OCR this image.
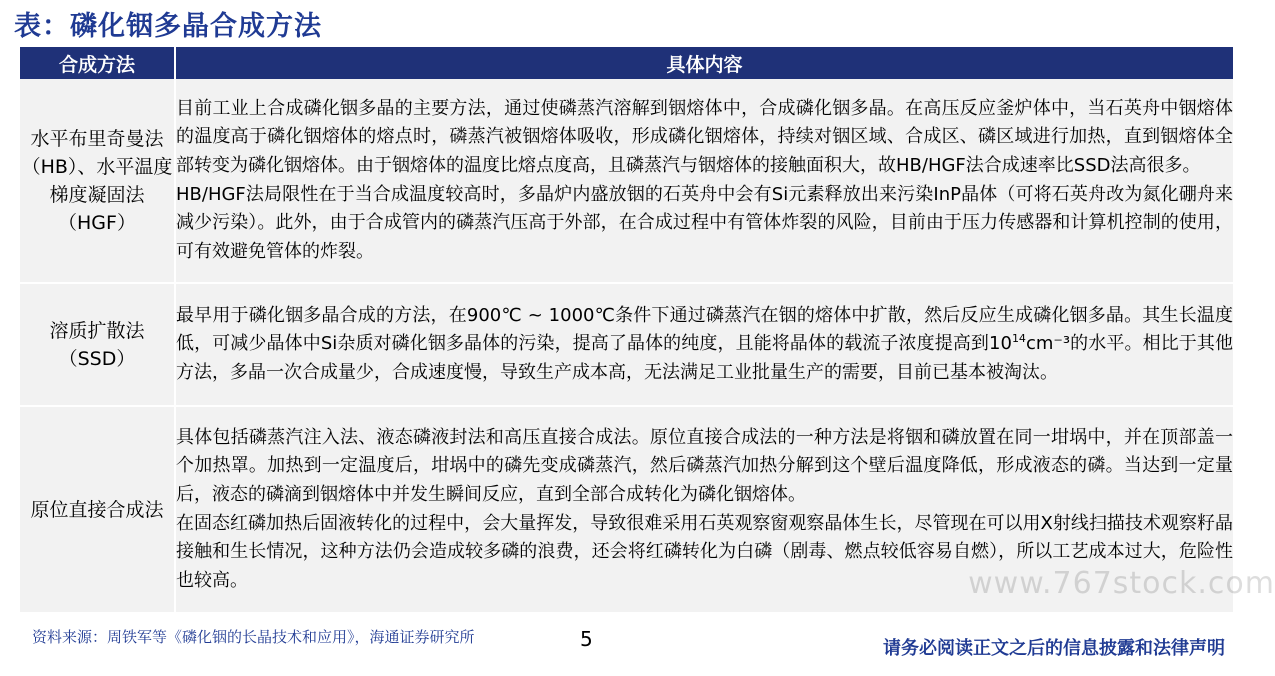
表：磷化铟多晶合成方法
合成方法	具体内容
水平布里奇曼法（HB）、水平温度梯度凝固法（HGF）	目前工业上合成磷化铟多晶的主要方法，通过使磷蒸汽溶解到铟熔体中，合成磷化铟多晶。在高压反应釜炉体中，当石英舟中铟熔体的温度高于磷化铟熔体的熔点时，磷蒸汽被铟熔体吸收，形成磷化铟熔体，持续对铟区域、合成区、磷区域进行加热，直到铟熔体全部转变为磷化铟熔体。由于铟熔体的温度比熔点度高，且磷蒸汽与铟熔体的接触面积大，故HB/HGF法合成速率比SSD法高很多。

HB/HGF法局限性在于当合成温度较高时，多晶炉内盛放铟的石英舟中会有Si元素释放出来污染InP晶体（可将石英舟改为氮化硼舟来减少污染）。此外，由于合成管内的磷蒸汽压高于外部，在合成过程中有管体炸裂的风险，目前由于压力传感器和计算机控制的使用，可有效避免管体的炸裂。

溶质扩散法（SSD）	最早用于磷化铟多晶合成的方法，在900℃ ~ 1000℃条件下通过磷蒸汽在铟的熔体中扩散，然后反应生成磷化铟多晶。其生长温度低，可减少晶体中Si杂质对磷化铟多晶体的污染，提高了晶体的纯度，且能将晶体的载流子浓度提高到$10^{14}cm^{-3}$的水平。相比于其他方法，多晶一次合成量少，合成速度慢，导致生产成本高，无法满足工业批量生产的需要，目前已基本被淘汰。

原位直接合成法	具体包括磷蒸汽注入法、液态磷液封法和高压直接合成法。原位直接合成法的一种方法是将铟和磷放置在同一坩埚中，并在顶部盖一个加热罩。加热到一定温度后，坩埚中的磷先变成磷蒸汽，然后磷蒸汽加热分解到这个壁后温度降低，形成液态的磷。当达到一定量后，液态的磷滴到铟熔体中并发生瞬间反应，直到全部合成转化为磷化铟熔体。

在固态红磷加热后固液转化的过程中，会大量挥发，导致很难采用石英观察窗观察晶体生长，尽管现在可以用X射线扫描技术观察籽晶接触和生长情况，这种方法仍会造成较多磷的浪费，还会将红磷转化为白磷（剧毒、燃点较低容易自燃），所以工艺成本过大，危险性也较高。

资料来源：周铁军等《磷化铟的长晶技术和应用》，海通证券研究所	5	请务必阅读正文之后的信息披露和法律声明
www.767stock.com
